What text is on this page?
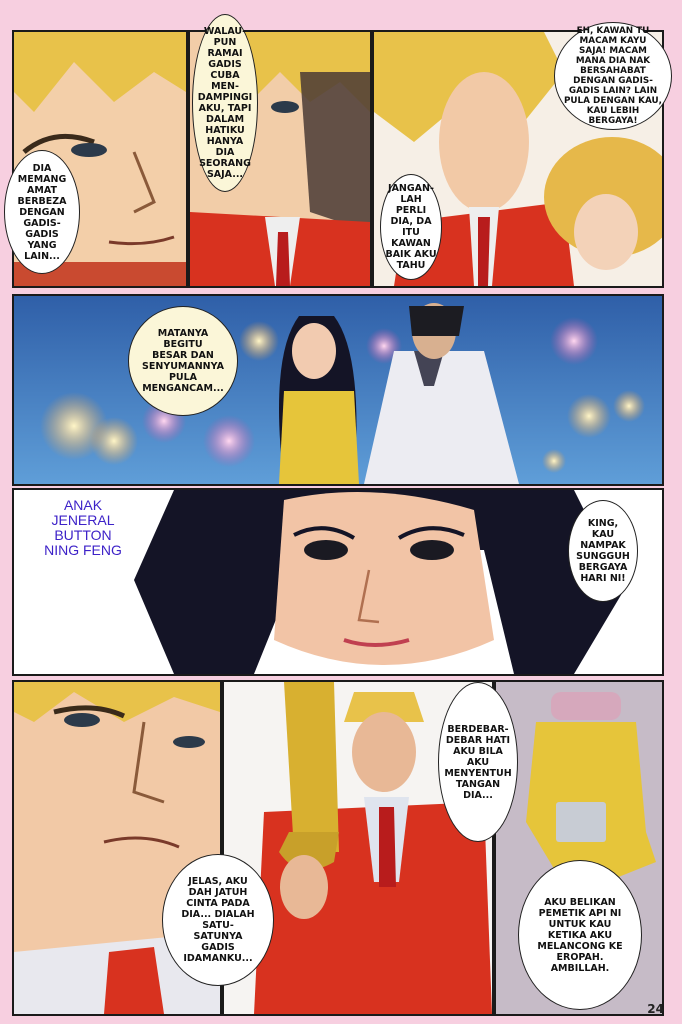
DIA
MEMANG
AMAT
BERBEZA
DENGAN
GADIS-
GADIS
YANG
LAIN...
WALAU-
PUN
RAMAI
GADIS
CUBA MEN-
DAMPINGI
AKU, TAPI
DALAM
HATIKU
HANYA DIA
SEORANG
SAJA...
EH, KAWAN TU
MACAM KAYU
SAJA! MACAM
MANA DIA NAK
BERSAHABAT
DENGAN GADIS-
GADIS LAIN? LAIN
PULA DENGAN KAU,
KAU LEBIH
BERGAYA!
JANGAN-
LAH
PERLI
DIA, DA
ITU
KAWAN
BAIK AKU
TAHU
MATANYA
BEGITU
BESAR DAN
SENYUMANNYA
PULA
MENGANCAM...
ANAK
JENERAL
BUTTON
NING FENG
KING,
KAU
NAMPAK
SUNGGUH
BERGAYA
HARI NI!
JELAS, AKU
DAH JATUH
CINTA PADA
DIA... DIALAH
SATU-
SATUNYA
GADIS
IDAMANKU...
BERDEBAR-
DEBAR HATI
AKU BILA
AKU
MENYENTUH
TANGAN
DIA...
AKU BELIKAN
PEMETIK API NI
UNTUK KAU
KETIKA AKU
MELANCONG KE
EROPAH.
AMBILLAH.
24
